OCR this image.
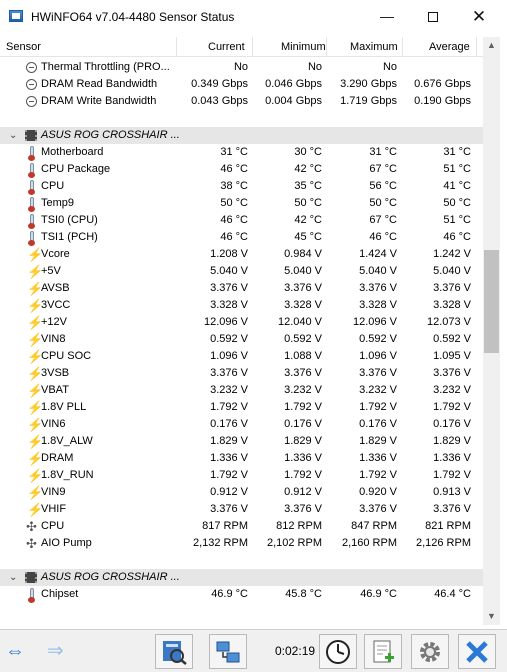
HWiNFO64 v7.04-4480 Sensor Status	—	✕
Sensor	Current	Minimum Maximum	Average
Thermal Throttling (PRO...	No	No	No
DRAM Read Bandwidth	0.349 Gbps 0.046 Gbps 3.290 Gbps 0.676 Gbps
DRAM Write Bandwidth	0.043 Gbps 0.004 Gbps 1.719 Gbps 0.190 Gbps
⌄ ASUS ROG CROSSHAIR ...
Motherboard	31 °C	30 °C	31 °C	31 °C
CPU Package	46 °C	42 °C	67 °C	51 °C
CPU	38 °C	35 °C	56 °C	41 °C
Temp9	50 °C	50 °C	50 °C	50 °C
TSI0 (CPU)	46 °C	42 °C	67 °C	51 °C
TSI1 (PCH)	46 °C	45 °C	46 °C	46 °C
⚡
Vcore	1.208 V	0.984 V	1.424 V	1.242 V
⚡
+5V	5.040 V	5.040 V	5.040 V	5.040 V
⚡
AVSB	3.376 V	3.376 V	3.376 V	3.376 V
⚡
3VCC	3.328 V	3.328 V	3.328 V	3.328 V
⚡
+12V	12.096 V	12.040 V	12.096 V	12.073 V
⚡
VIN8	0.592 V	0.592 V	0.592 V	0.592 V
⚡
CPU SOC	1.096 V	1.088 V	1.096 V	1.095 V
⚡
3VSB	3.376 V	3.376 V	3.376 V	3.376 V
⚡
VBAT	3.232 V	3.232 V	3.232 V	3.232 V
⚡
1.8V PLL	1.792 V	1.792 V	1.792 V	1.792 V
⚡
VIN6	0.176 V	0.176 V	0.176 V	0.176 V
⚡
1.8V_ALW	1.829 V	1.829 V	1.829 V	1.829 V
⚡
DRAM	1.336 V	1.336 V	1.336 V	1.336 V
⚡
1.8V_RUN	1.792 V	1.792 V	1.792 V	1.792 V
⚡
VIN9	0.912 V	0.912 V	0.920 V	0.913 V
⚡
VHIF	3.376 V	3.376 V	3.376 V	3.376 V
✣ CPU	817 RPM	812 RPM	847 RPM	821 RPM
✣ AIO Pump	2,132 RPM 2,102 RPM 2,160 RPM 2,126 RPM
⌄ ASUS ROG CROSSHAIR ...
Chipset	46.9 °C	45.8 °C	46.9 °C	46.4 °C
▲
▼
⇔ ⇒	0:02:19
